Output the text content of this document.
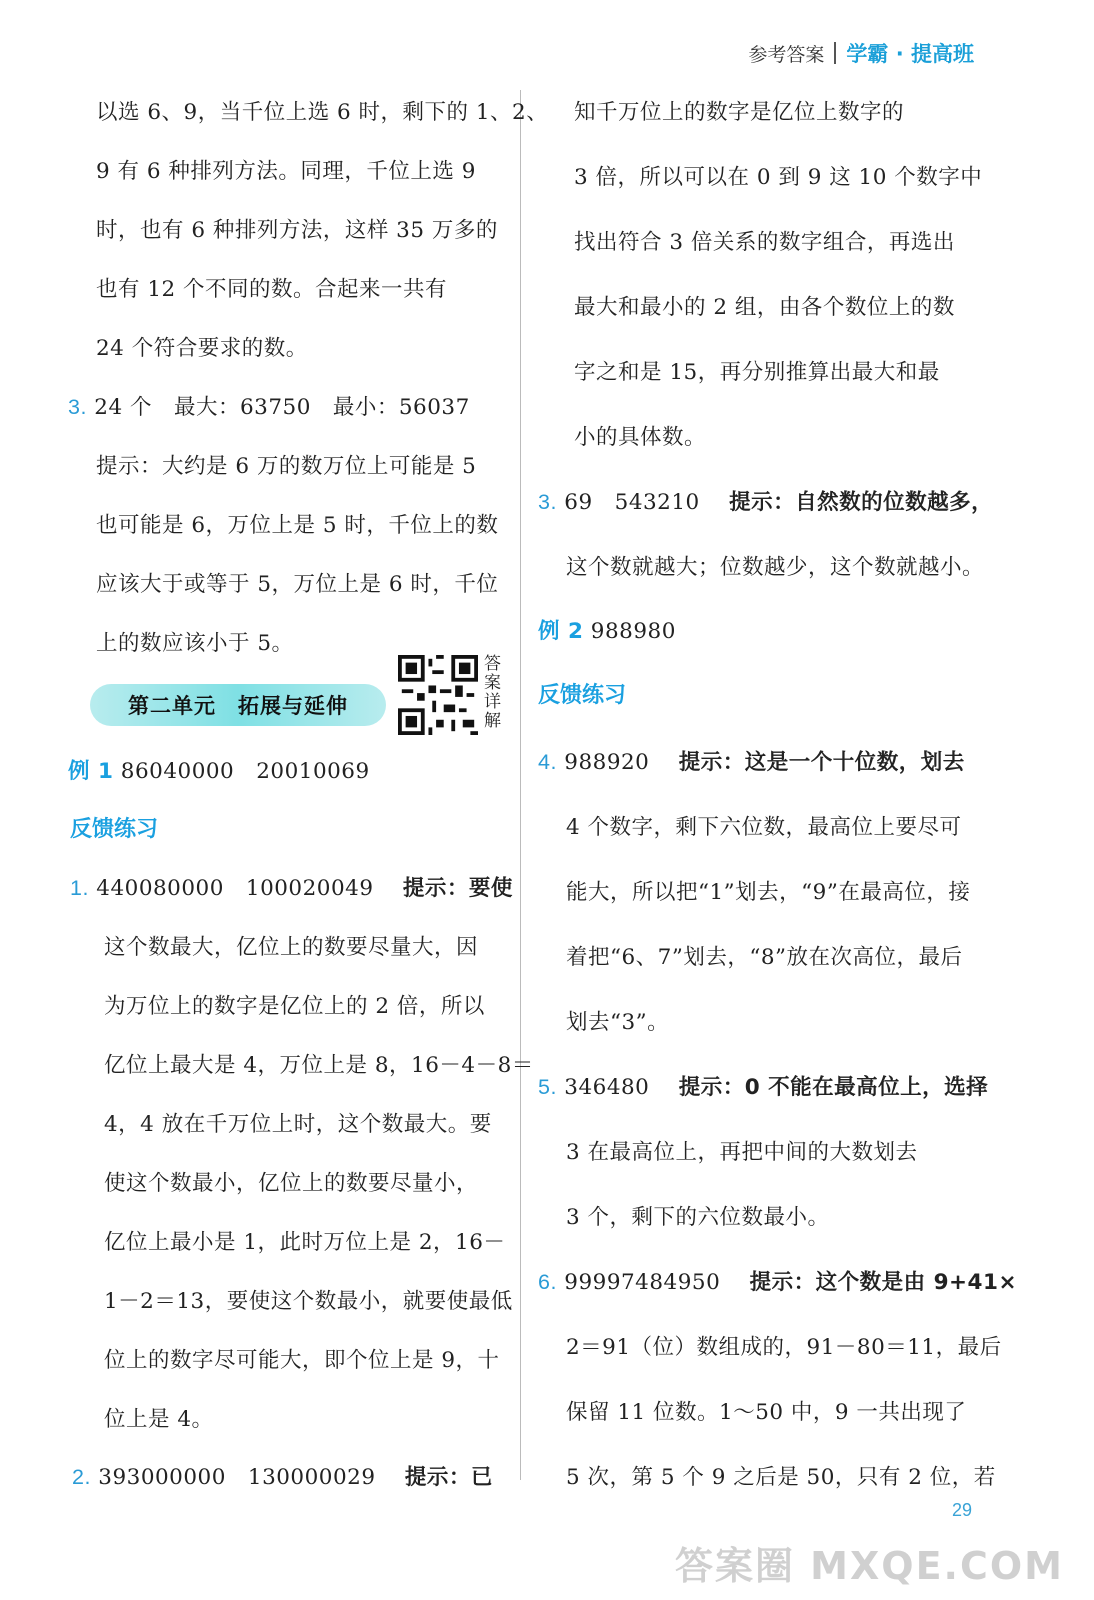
参考答案 学霸 · 提高班
3. 24 个　最大：63750　最小：56037
例 1 86040000　20010069
反馈练习
1. 440080000　100020049　 提示：要使
2. 393000000　130000029　 提示：已
以选 6、9，当千位上选 6 时，剩下的 1、2、
9 有 6 种排列方法。同理，千位上选 9
时，也有 6 种排列方法，这样 35 万多的
也有 12 个不同的数。合起来一共有
24 个符合要求的数。
提示：大约是 6 万的数万位上可能是 5
也可能是 6，万位上是 5 时，千位上的数
应该大于或等于 5，万位上是 6 时，千位
上的数应该小于 5。
这个数最大，亿位上的数要尽量大，因
为万位上的数字是亿位上的 2 倍，所以
亿位上最大是 4，万位上是 8，16－4－8＝
4，4 放在千万位上时，这个数最大。要
使这个数最小，亿位上的数要尽量小，
亿位上最小是 1，此时万位上是 2，16－
1－2＝13，要使这个数最小，就要使最低
位上的数字尽可能大，即个位上是 9，十
位上是 4。
第二单元　拓展与延伸
答案详解
3. 69　543210　 提示：自然数的位数越多，
例 2 988980
反馈练习
4. 988920　 提示：这是一个十位数，划去
5. 346480　 提示：0 不能在最高位上，选择
6. 99997484950　 提示：这个数是由 9+41×
知千万位上的数字是亿位上数字的
3 倍，所以可以在 0 到 9 这 10 个数字中
找出符合 3 倍关系的数字组合，再选出
最大和最小的 2 组，由各个数位上的数
字之和是 15，再分别推算出最大和最
小的具体数。
这个数就越大；位数越少，这个数就越小。
4 个数字，剩下六位数，最高位上要尽可
能大，所以把“1”划去，“9”在最高位，接
着把“6、7”划去，“8”放在次高位，最后
划去“3”。
3 在最高位上，再把中间的大数划去
3 个，剩下的六位数最小。
2＝91（位）数组成的，91－80＝11，最后
保留 11 位数。1～50 中，9 一共出现了
5 次，第 5 个 9 之后是 50，只有 2 位，若
29
答案圈 MXQE.COM
